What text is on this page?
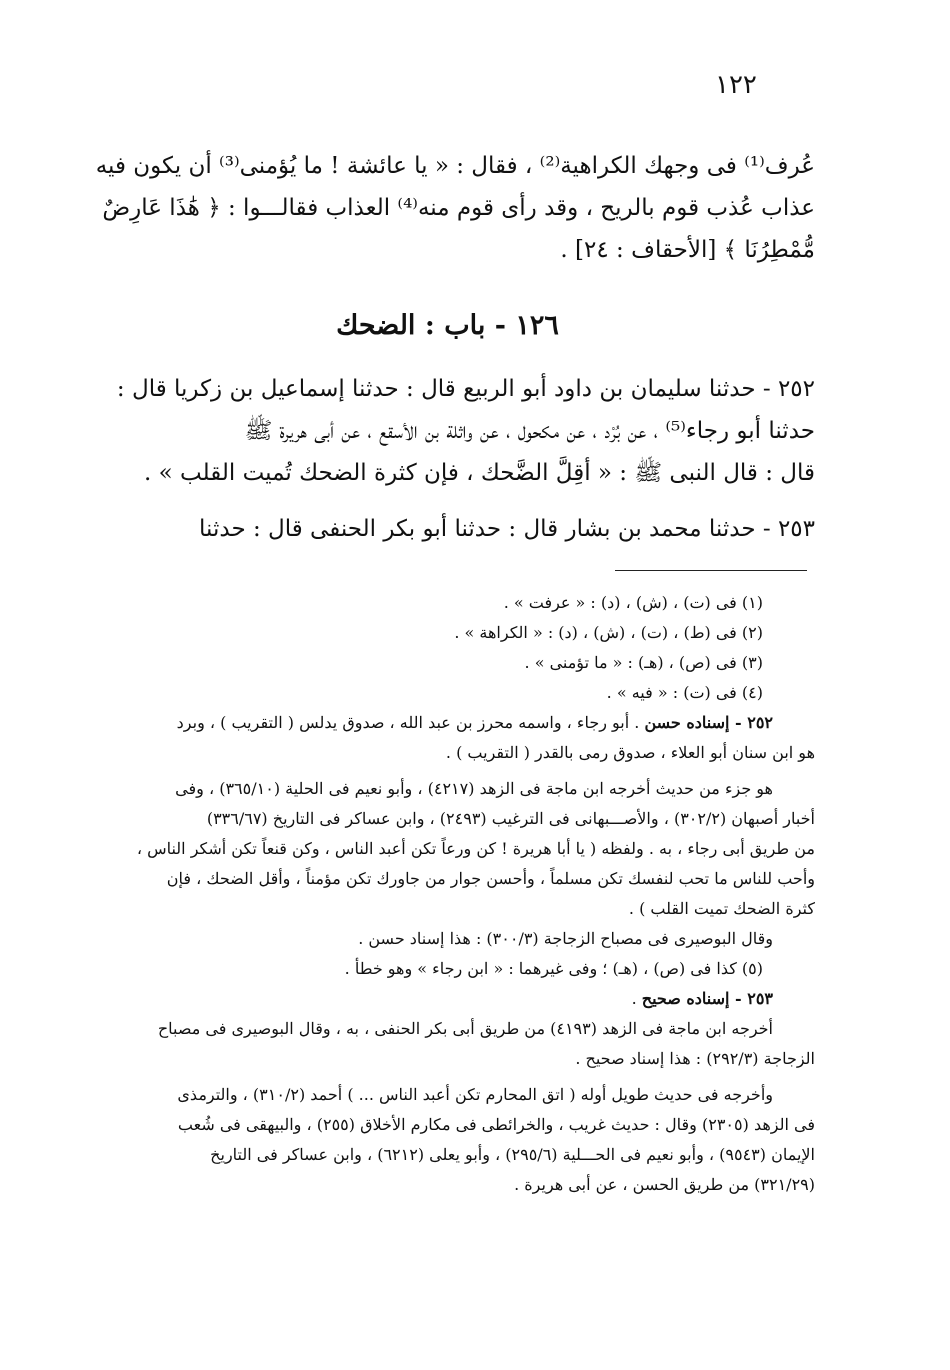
١٢٢

عُرف⁽¹⁾ فى وجهك الكراهية⁽²⁾ ، فقال : « يا عائشة ! ما يُؤمنى⁽³⁾ أن يكون فيه

عذاب عُذب قوم بالريح ، وقد رأى قوم منه⁽⁴⁾ العذاب فقالـــوا : ﴿ هَٰذَا عَارِضٌ

مُّمْطِرُنَا ﴾ [الأحقاف : ٢٤] .

١٢٦ - باب : الضحك

٢٥٢ - حدثنا سليمان بن داود أبو الربيع قال : حدثنا إسماعيل بن زكريا قال :

حدثنا أبو رجاء⁽⁵⁾ ، عن بُرْد ، عن مكحول ، عن واثلة بن الأسقع ، عن أبى هريرة ﷺ

قال : قال النبى ﷺ : « أقِلَّ الضَّحك ، فإن كثرة الضحك تُميت القلب » .

٢٥٣ - حدثنا محمد بن بشار قال : حدثنا أبو بكر الحنفى قال : حدثنا

(١) فى (ت) ، (ش) ، (د) : « عرفت » .

(٢) فى (ط) ، (ت) ، (ش) ، (د) : « الكراهة » .

(٣) فى (ص) ، (هـ) : « ما تؤمنى » .

(٤) فى (ت) : « فيه » .

٢٥٢ - إسناده حسن . أبو رجاء ، واسمه محرز بن عبد الله ، صدوق يدلس ( التقريب ) ، وبرد

هو ابن سنان أبو العلاء ، صدوق رمى بالقدر ( التقريب ) .

هو جزء من حديث أخرجه ابن ماجة فى الزهد (٤٢١٧) ، وأبو نعيم فى الحلية (٣٦٥/١٠) ، وفى

أخبار أصبهان (٣٠٢/٢) ، والأصـــبهانى فى الترغيب (٢٤٩٣) ، وابن عساكر فى التاريخ (٣٣٦/٦٧)

من طريق أبى رجاء ، به . ولفظه ( يا أبا هريرة ! كن ورعاً تكن أعبد الناس ، وكن قنعاً تكن أشكر الناس ،

وأحب للناس ما تحب لنفسك تكن مسلماً ، وأحسن جوار من جاورك تكن مؤمناً ، وأقل الضحك ، فإن

كثرة الضحك تميت القلب ) .

وقال البوصيرى فى مصباح الزجاجة (٣٠٠/٣) : هذا إسناد حسن .

(٥) كذا فى (ص) ، (هـ) ؛ وفى غيرهما : « ابن رجاء » وهو خطأ .

٢٥٣ - إسناده صحيح .

أخرجه ابن ماجة فى الزهد (٤١٩٣) من طريق أبى بكر الحنفى ، به ، وقال البوصيرى فى مصباح

الزجاجة (٢٩٢/٣) : هذا إسناد صحيح .

وأخرجه فى حديث طويل أوله ( اتق المحارم تكن أعبد الناس ... ) أحمد (٣١٠/٢) ، والترمذى

فى الزهد (٢٣٠٥) وقال : حديث غريب ، والخرائطى فى مكارم الأخلاق (٢٥٥) ، والبيهقى فى شُعب

الإيمان (٩٥٤٣) ، وأبو نعيم فى الحـــلية (٢٩٥/٦) ، وأبو يعلى (٦٢١٢) ، وابن عساكر فى التاريخ

(٣٢١/٢٩) من طريق الحسن ، عن أبى هريرة .
